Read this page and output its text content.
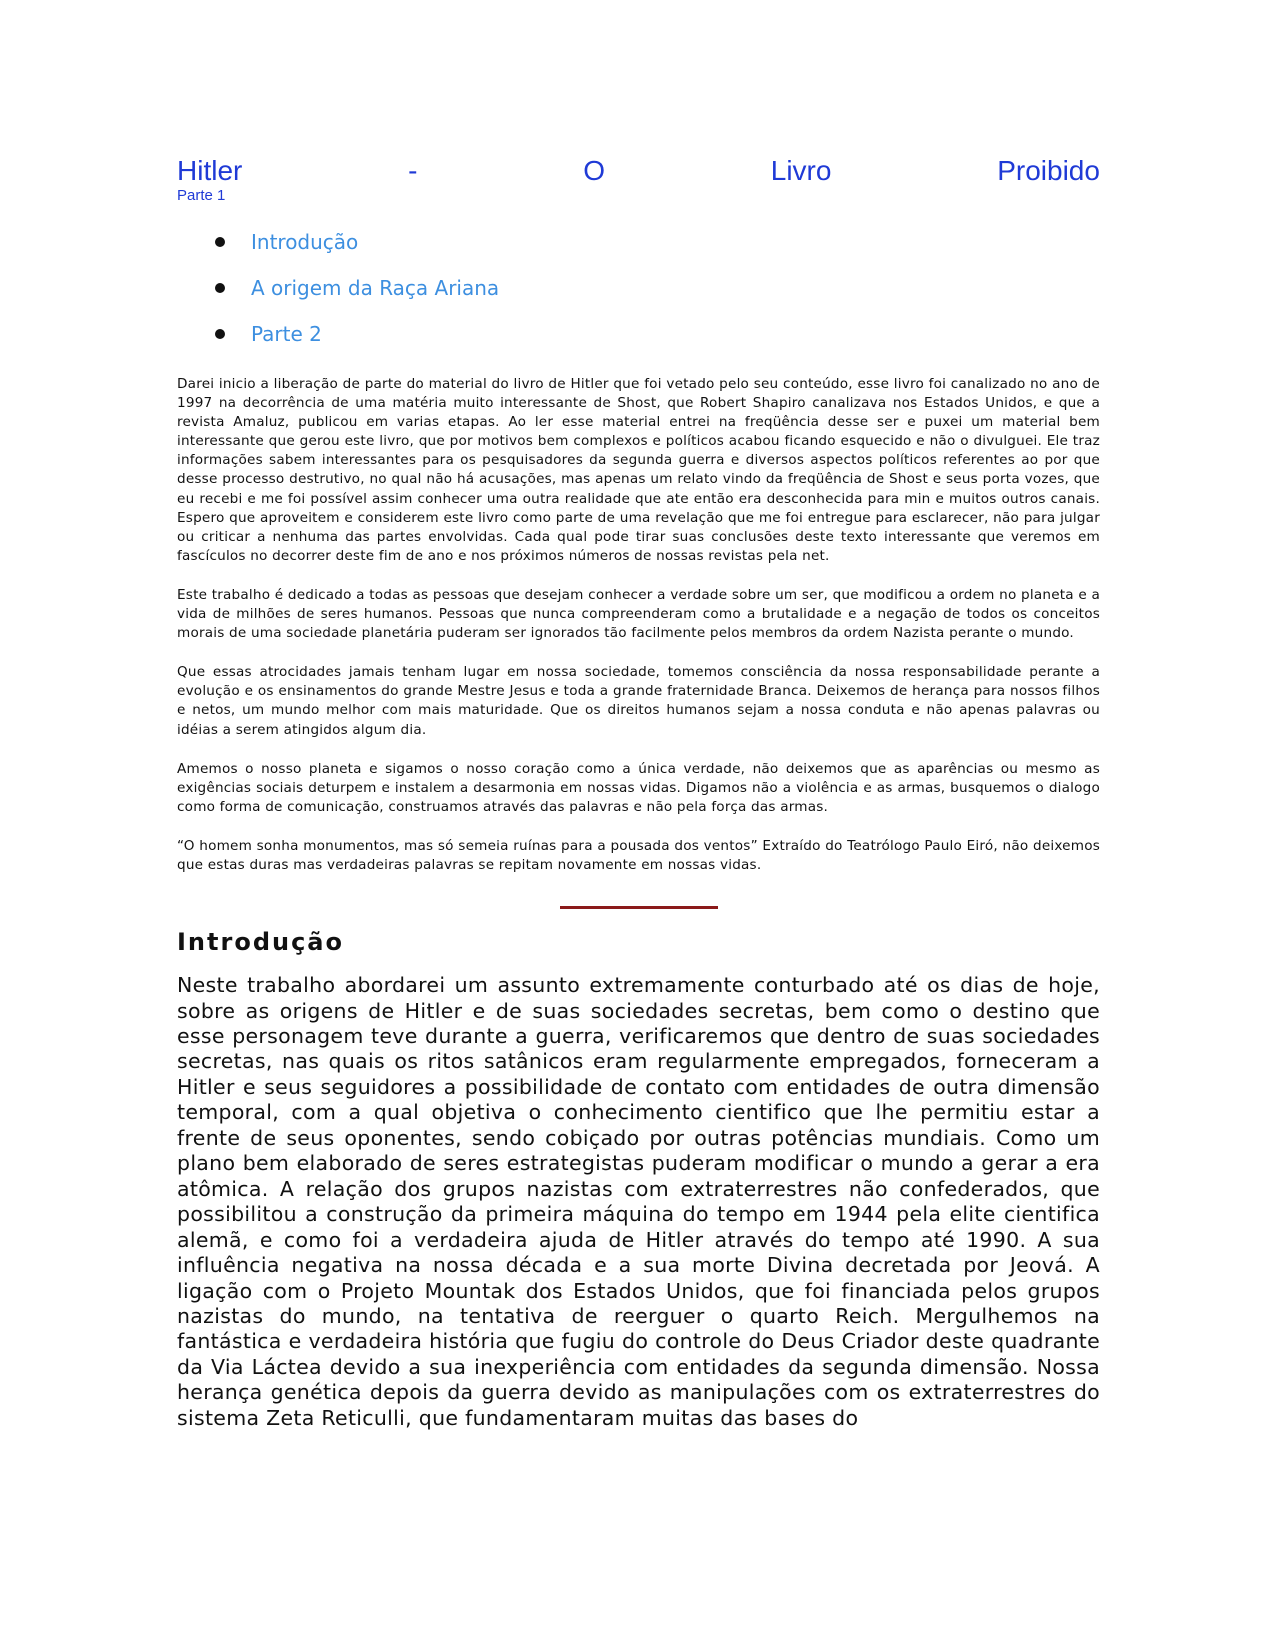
Hitler	-	O	Livro	Proibido
Parte 1
Introdução
A origem da Raça Ariana
Parte 2

Darei inicio a liberação de parte do material do livro de Hitler que foi vetado pelo seu conteúdo, esse livro foi canalizado no ano de 1997 na decorrência de uma matéria muito interessante de Shost, que Robert Shapiro canalizava nos Estados Unidos, e que a revista Amaluz, publicou em varias etapas. Ao ler esse material entrei na freqüência desse ser e puxei um material bem interessante que gerou este livro, que por motivos bem complexos e políticos acabou ficando esquecido e não o divulguei. Ele traz informações sabem interessantes para os pesquisadores da segunda guerra e diversos aspectos políticos referentes ao por que desse processo destrutivo, no qual não há acusações, mas apenas um relato vindo da freqüência de Shost e seus porta vozes, que eu recebi e me foi possível assim conhecer uma outra realidade que ate então era desconhecida para min e muitos outros canais. Espero que aproveitem e considerem este livro como parte de uma revelação que me foi entregue para esclarecer, não para julgar ou criticar a nenhuma das partes envolvidas. Cada qual pode tirar suas conclusões deste texto interessante que veremos em fascículos no decorrer deste fim de ano e nos próximos números de nossas revistas pela net.

Este trabalho é dedicado a todas as pessoas que desejam conhecer a verdade sobre um ser, que modificou a ordem no planeta e a vida de milhões de seres humanos. Pessoas que nunca compreenderam como a brutalidade e a negação de todos os conceitos morais de uma sociedade planetária puderam ser ignorados tão facilmente pelos membros da ordem Nazista perante o mundo.

Que essas atrocidades jamais tenham lugar em nossa sociedade, tomemos consciência da nossa responsabilidade perante a evolução e os ensinamentos do grande Mestre Jesus e toda a grande fraternidade Branca. Deixemos de herança para nossos filhos e netos, um mundo melhor com mais maturidade. Que os direitos humanos sejam a nossa conduta e não apenas palavras ou idéias a serem atingidos algum dia.

Amemos o nosso planeta e sigamos o nosso coração como a única verdade, não deixemos que as aparências ou mesmo as exigências sociais deturpem e instalem a desarmonia em nossas vidas. Digamos não a violência e as armas, busquemos o dialogo como forma de comunicação, construamos através das palavras e não pela força das armas.

“O homem sonha monumentos, mas só semeia ruínas para a pousada dos ventos” Extraído do Teatrólogo Paulo Eiró, não deixemos que estas duras mas verdadeiras palavras se repitam novamente em nossas vidas.

Introdução

Neste trabalho abordarei um assunto extremamente conturbado até os dias de hoje, sobre as origens de Hitler e de suas sociedades secretas, bem como o destino que esse personagem teve durante a guerra, verificaremos que dentro de suas sociedades secretas, nas quais os ritos satânicos eram regularmente empregados, forneceram a Hitler e seus seguidores a possibilidade de contato com entidades de outra dimensão temporal, com a qual objetiva o conhecimento cientifico que lhe permitiu estar a frente de seus oponentes, sendo cobiçado por outras potências mundiais. Como um plano bem elaborado de seres estrategistas puderam modificar o mundo a gerar a era atômica. A relação dos grupos nazistas com extraterrestres não confederados, que possibilitou a construção da primeira máquina do tempo em 1944 pela elite cientifica alemã, e como foi a verdadeira ajuda de Hitler através do tempo até 1990. A sua influência negativa na nossa década e a sua morte Divina decretada por Jeová. A ligação com o Projeto Mountak dos Estados Unidos, que foi financiada pelos grupos nazistas do mundo, na tentativa de reerguer o quarto Reich. Mergulhemos na fantástica e verdadeira história que fugiu do controle do Deus Criador deste quadrante da Via Láctea devido a sua inexperiência com entidades da segunda dimensão. Nossa herança genética depois da guerra devido as manipulações com os extraterrestres do sistema Zeta Reticulli, que fundamentaram muitas das bases do
